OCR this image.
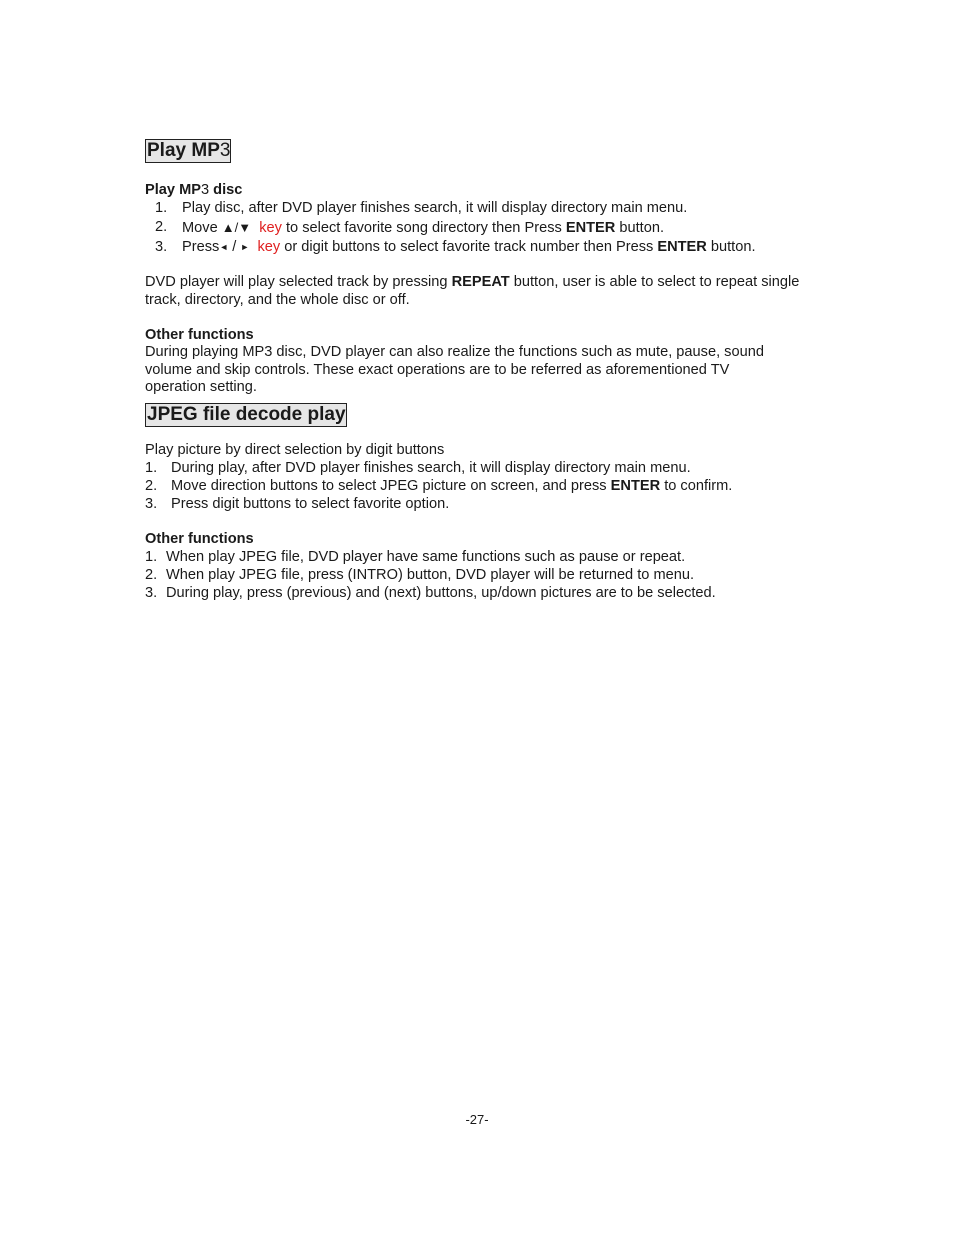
Play MP3

Play MP3 disc

1. Play disc, after DVD player finishes search, it will display directory main menu.
2. Move ▲/▼ key to select favorite song directory then Press ENTER button.
3. Press◄ / ► key or digit buttons to select favorite track number then Press ENTER button.

DVD player will play selected track by pressing REPEAT button, user is able to select to repeat single
track, directory, and the whole disc or off.

Other functions

During playing MP3 disc, DVD player can also realize the functions such as mute, pause, sound
volume and skip controls. These exact operations are to be referred as aforementioned TV
operation setting.

JPEG file decode play

Play picture by direct selection by digit buttons

1. During play, after DVD player finishes search, it will display directory main menu.
2. Move direction buttons to select JPEG picture on screen, and press ENTER to confirm.
3. Press digit buttons to select favorite option.

Other functions

1. When play JPEG file, DVD player have same functions such as pause or repeat.
2. When play JPEG file, press (INTRO) button, DVD player will be returned to menu.
3. During play, press (previous) and (next) buttons, up/down pictures are to be selected.
-27-
